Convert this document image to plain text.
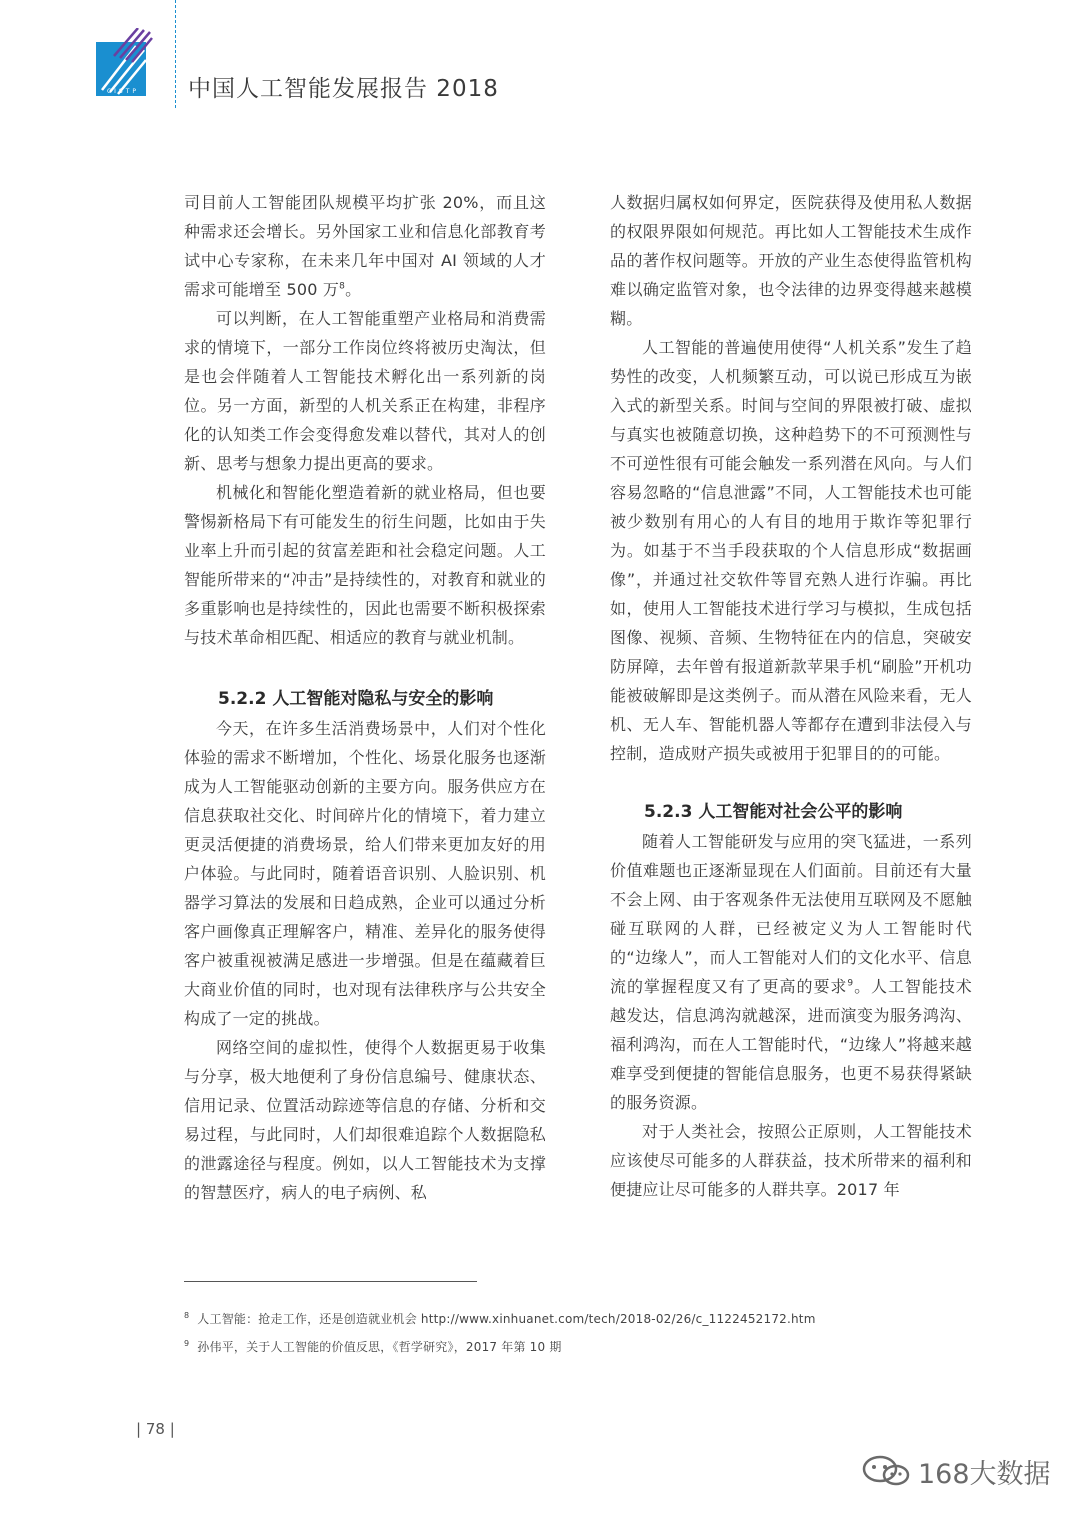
CISTP	中国人工智能发展报告 2018

司目前人工智能团队规模平均扩张 20%，而且这种需求还会增长。另外国家工业和信息化部教育考试中心专家称，在未来几年中国对 AI 领域的人才需求可能增至 500 万$^8$。

可以判断，在人工智能重塑产业格局和消费需求的情境下，一部分工作岗位终将被历史淘汰，但是也会伴随着人工智能技术孵化出一系列新的岗位。另一方面，新型的人机关系正在构建，非程序化的认知类工作会变得愈发难以替代，其对人的创新、思考与想象力提出更高的要求。

机械化和智能化塑造着新的就业格局，但也要警惕新格局下有可能发生的衍生问题，比如由于失业率上升而引起的贫富差距和社会稳定问题。人工智能所带来的“冲击”是持续性的，对教育和就业的多重影响也是持续性的，因此也需要不断积极探索与技术革命相匹配、相适应的教育与就业机制。

5.2.2 人工智能对隐私与安全的影响

今天，在许多生活消费场景中，人们对个性化体验的需求不断增加，个性化、场景化服务也逐渐成为人工智能驱动创新的主要方向。服务供应方在信息获取社交化、时间碎片化的情境下，着力建立更灵活便捷的消费场景，给人们带来更加友好的用户体验。与此同时，随着语音识别、人脸识别、机器学习算法的发展和日趋成熟，企业可以通过分析客户画像真正理解客户，精准、差异化的服务使得客户被重视被满足感进一步增强。但是在蕴藏着巨大商业价值的同时，也对现有法律秩序与公共安全构成了一定的挑战。

网络空间的虚拟性，使得个人数据更易于收集与分享，极大地便利了身份信息编号、健康状态、信用记录、位置活动踪迹等信息的存储、分析和交易过程，与此同时，人们却很难追踪个人数据隐私的泄露途径与程度。例如，以人工智能技术为支撑的智慧医疗，病人的电子病例、私

人数据归属权如何界定，医院获得及使用私人数据的权限界限如何规范。再比如人工智能技术生成作品的著作权问题等。开放的产业生态使得监管机构难以确定监管对象，也令法律的边界变得越来越模糊。

人工智能的普遍使用使得“人机关系”发生了趋势性的改变，人机频繁互动，可以说已形成互为嵌入式的新型关系。时间与空间的界限被打破、虚拟与真实也被随意切换，这种趋势下的不可预测性与不可逆性很有可能会触发一系列潜在风向。与人们容易忽略的“信息泄露”不同，人工智能技术也可能被少数别有用心的人有目的地用于欺诈等犯罪行为。如基于不当手段获取的个人信息形成“数据画像”，并通过社交软件等冒充熟人进行诈骗。再比如，使用人工智能技术进行学习与模拟，生成包括图像、视频、音频、生物特征在内的信息，突破安防屏障，去年曾有报道新款苹果手机“刷脸”开机功能被破解即是这类例子。而从潜在风险来看，无人机、无人车、智能机器人等都存在遭到非法侵入与控制，造成财产损失或被用于犯罪目的的可能。

5.2.3 人工智能对社会公平的影响

随着人工智能研发与应用的突飞猛进，一系列价值难题也正逐渐显现在人们面前。目前还有大量不会上网、由于客观条件无法使用互联网及不愿触碰互联网的人群，已经被定义为人工智能时代的“边缘人”，而人工智能对人们的文化水平、信息流的掌握程度又有了更高的要求$^9$。人工智能技术越发达，信息鸿沟就越深，进而演变为服务鸿沟、福利鸿沟，而在人工智能时代，“边缘人”将越来越难享受到便捷的智能信息服务，也更不易获得紧缺的服务资源。

对于人类社会，按照公正原则，人工智能技术应该使尽可能多的人群获益，技术所带来的福利和便捷应让尽可能多的人群共享。2017 年

$^8$ 人工智能：抢走工作，还是创造就业机会 http://www.xinhuanet.com/tech/2018-02/26/c_1122452172.htm
$^9$ 孙伟平，关于人工智能的价值反思，《哲学研究》，2017 年第 10 期
| 78 |
168大数据
